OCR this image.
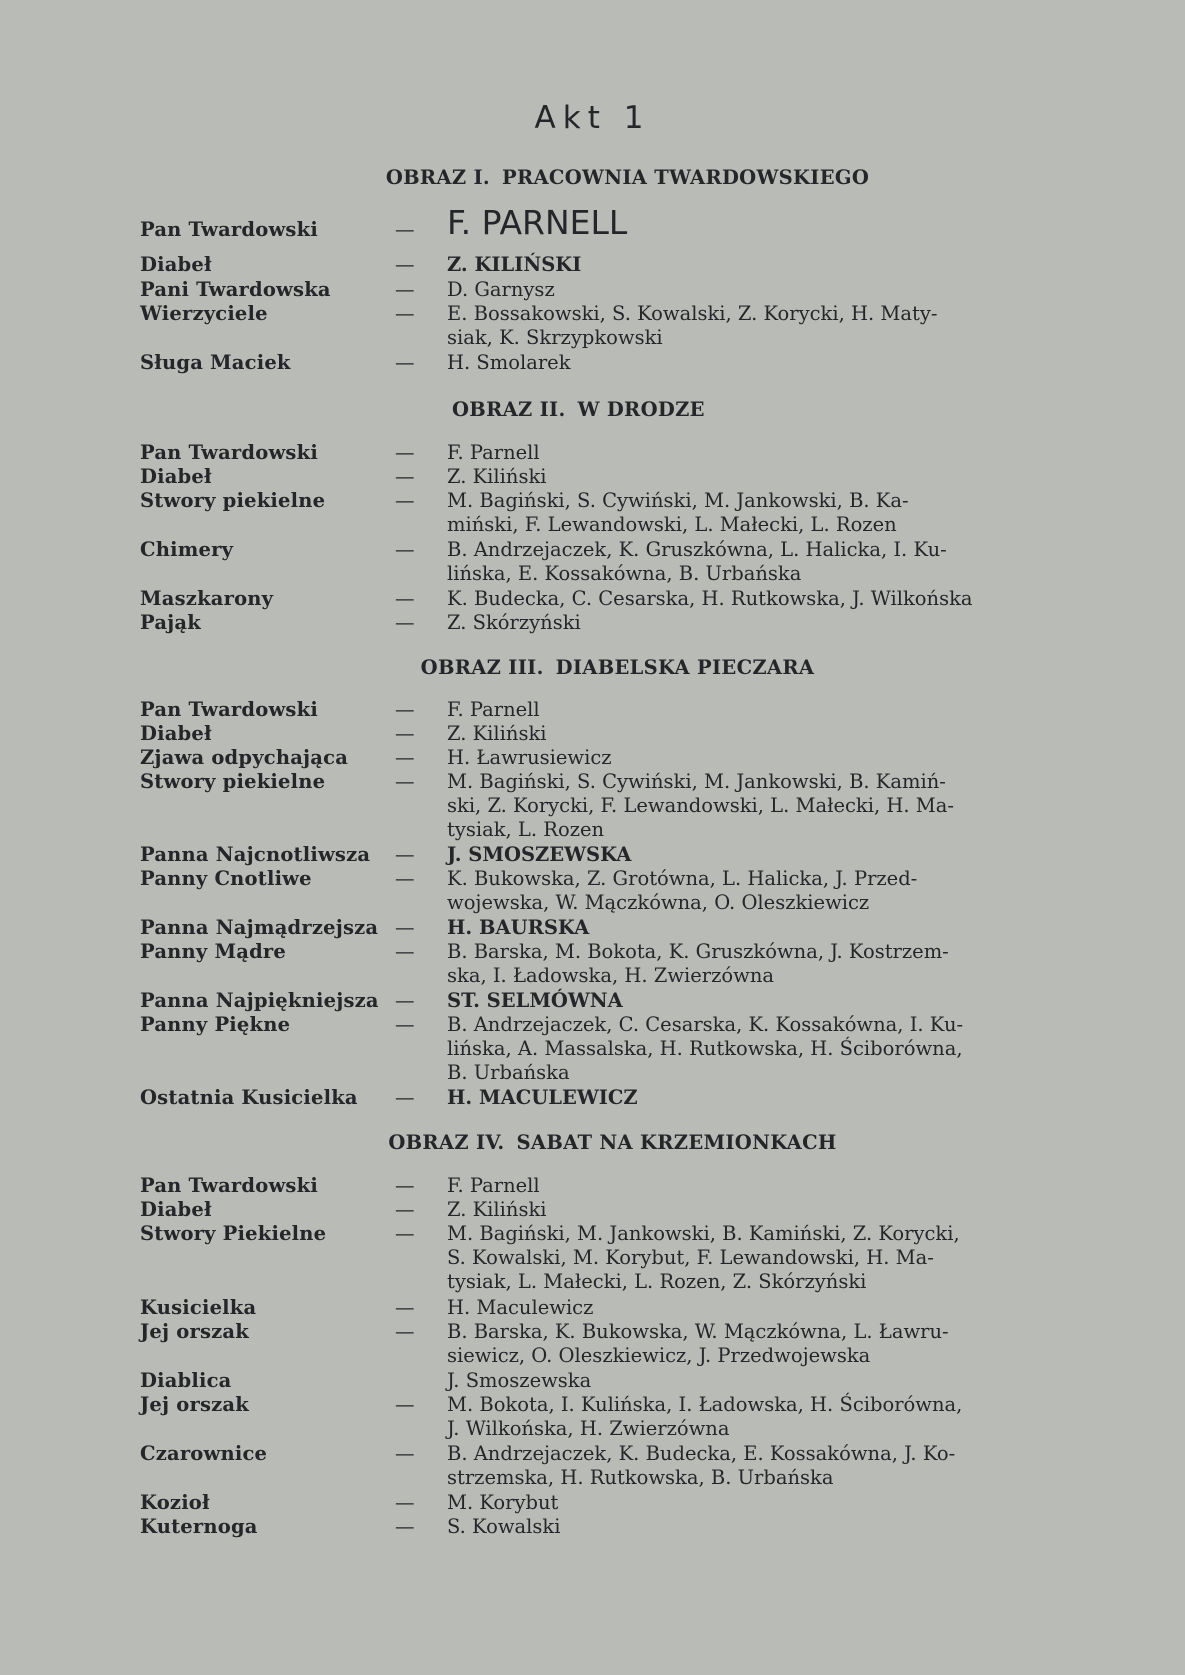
Akt 1
OBRAZ I. PRACOWNIA TWARDOWSKIEGO
Pan Twardowski	— F. PARNELL
Diabeł	— Z. KILIŃSKI
Pani Twardowska	— D. Garnysz
Wierzyciele	— E. Bossakowski, S. Kowalski, Z. Korycki, H. Maty-
siak, K. Skrzypkowski
Sługa Maciek	— H. Smolarek
OBRAZ II. W DRODZE
Pan Twardowski	— F. Parnell
Diabeł	— Z. Kiliński
Stwory piekielne	— M. Bagiński, S. Cywiński, M. Jankowski, B. Ka-
miński, F. Lewandowski, L. Małecki, L. Rozen
Chimery	— B. Andrzejaczek, K. Gruszkówna, L. Halicka, I. Ku-
lińska, E. Kossakówna, B. Urbańska
Maszkarony	— K. Budecka, C. Cesarska, H. Rutkowska, J. Wilkońska
Pająk	— Z. Skórzyński
OBRAZ III. DIABELSKA PIECZARA
Pan Twardowski	— F. Parnell
Diabeł	— Z. Kiliński
Zjawa odpychająca — H. Ławrusiewicz
Stwory piekielne	— M. Bagiński, S. Cywiński, M. Jankowski, B. Kamiń-
ski, Z. Korycki, F. Lewandowski, L. Małecki, H. Ma-
tysiak, L. Rozen
Panna Najcnotliwsza — J. SMOSZEWSKA
Panny Cnotliwe	— K. Bukowska, Z. Grotówna, L. Halicka, J. Przed-
wojewska, W. Mączkówna, O. Oleszkiewicz
Panna Najmądrzejsza — H. BAURSKA
Panny Mądre	— B. Barska, M. Bokota, K. Gruszkówna, J. Kostrzem-
ska, I. Ładowska, H. Zwierzówna
Panna Najpiękniejsza — ST. SELMÓWNA
Panny Piękne	— B. Andrzejaczek, C. Cesarska, K. Kossakówna, I. Ku-
lińska, A. Massalska, H. Rutkowska, H. Ściborówna,
B. Urbańska
Ostatnia Kusicielka — H. MACULEWICZ
OBRAZ IV. SABAT NA KRZEMIONKACH
Pan Twardowski	— F. Parnell
Diabeł	— Z. Kiliński
Stwory Piekielne	— M. Bagiński, M. Jankowski, B. Kamiński, Z. Korycki,
S. Kowalski, M. Korybut, F. Lewandowski, H. Ma-
tysiak, L. Małecki, L. Rozen, Z. Skórzyński
Kusicielka	— H. Maculewicz
Jej orszak	— B. Barska, K. Bukowska, W. Mączkówna, L. Ławru-
siewicz, O. Oleszkiewicz, J. Przedwojewska
Diablica	J. Smoszewska
Jej orszak	— M. Bokota, I. Kulińska, I. Ładowska, H. Ściborówna,
J. Wilkońska, H. Zwierzówna
Czarownice	— B. Andrzejaczek, K. Budecka, E. Kossakówna, J. Ko-
strzemska, H. Rutkowska, B. Urbańska
Kozioł	— M. Korybut
Kuternoga	— S. Kowalski
